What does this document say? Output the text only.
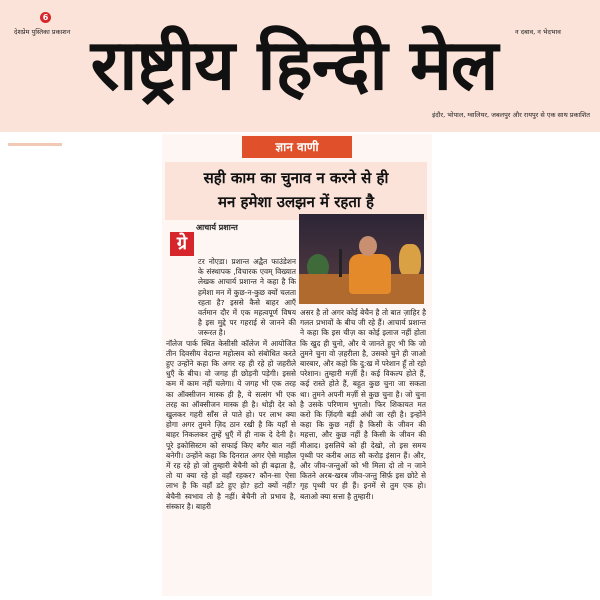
6
देशप्रेम पुस्तिका प्रकाशन	न दबाव, न भेदभाव
राष्ट्रीय हिन्दी मेल
इंदौर, भोपाल, ग्वालियर, जबलपुर और रायपुर से एक साथ प्रकाशित
ज्ञान वाणी
सही काम का चुनाव न करने से ही
मन हमेशा उलझन में रहता है
आचार्य प्रशान्त
ग्रे

टर नोएडा। प्रशान्त अद्वैत फाउंडेशन के संस्थापक ,विचारक एवम् विख्यात लेखक आचार्य प्रशान्त ने कहा है कि हमेशा मन में कुछ-न-कुछ क्यों चलता रहता है? इससे कैसे बाहर आएँ वर्तमान दौर में एक महत्वपूर्ण विषय है इस मुद्दे पर गहराई से जानने की जरूरत है।

नॉलेज पार्क स्थित केसीसी कॉलेज में आयोजित तीन दिवसीय वेदान्त महोत्सव को संबोधित करते हुए उन्होंने कहा कि अगर रह ही रहे हो जहरीले धुएँ के बीच। वो जगह ही छोड़नी पड़ेगी। इससे कम में काम नहीं चलेगा। ये जगह भी एक तरह का ऑक्सीजन मास्क ही है, ये सत्संग भी एक तरह का ऑक्सीजन मास्क ही है। थोड़ी देर को खुलकर गहरी साँस ले पाते हो। पर लाभ क्या होगा अगर तुमने ज़िद ठान रखी है कि यहाँ से बाहर निकलकर तुम्हें धुएँ में ही नाक दे देनी है। पूरे इकोसिस्टम को सफाई किए बगैर बात नहीं बनेगी। उन्होंने कहा कि दिनरात अगर ऐसे माहौल में रह रहे हो जो तुम्हारी बेचैनी को ही बढ़ाता है, तो या क्या रहे हो वहाँ रहकर? कौन-सा ऐसा लाभ है कि वहाँ डटे हुए हो? हटो क्यों नहीं? बेचैनी स्वभाव तो है नहीं। बेचैनी तो प्रभाव है, संस्कार है। बाहरी

असर है तो अगर कोई बेचैन है तो बात ज़ाहिर है गलत प्रभावों के बीच जी रहे हैं। आचार्य प्रशान्त ने कहा कि इस चीज़ का कोई इलाज नहीं होता कि खुद ही चुनो, और ये जानते हुए भी कि जो तुमने चुना वो ज़हरीला है, उसको चुने ही जाओ बारबार, और कहो कि दु:ख में परेशान हूँ तो रहो परेशान। तुम्हारी मर्ज़ी है। कई विकल्प होते हैं, कई रास्ते होते हैं, बहुत कुछ चुना जा सकता था। तुमने अपनी मर्ज़ी से कुछ चुना है। जो चुना है उसके परिणाम भुगतो। फिर शिकायत मत करो कि ज़िंदगी बड़ी अंधी जा रही है। इन्होंने कहा कि कुछ नहीं है किसी के जीवन की महत्ता, और कुछ नहीं है किसी के जीवन की मीआद। इसलिये को ही देखो, तो इस समय पृथ्वी पर करीब आठ सौ करोड़ इंसान हैं। और, और जीव-जन्तुओं को भी मिला दो तो न जाने कितने अरब-खरब जीव-जन्तु सिर्फ़ इस छोटे से गृह पृथ्वी पर ही हैं। इनमें से तुम एक हो। बताओ क्या सत्ता है तुम्हारी।
